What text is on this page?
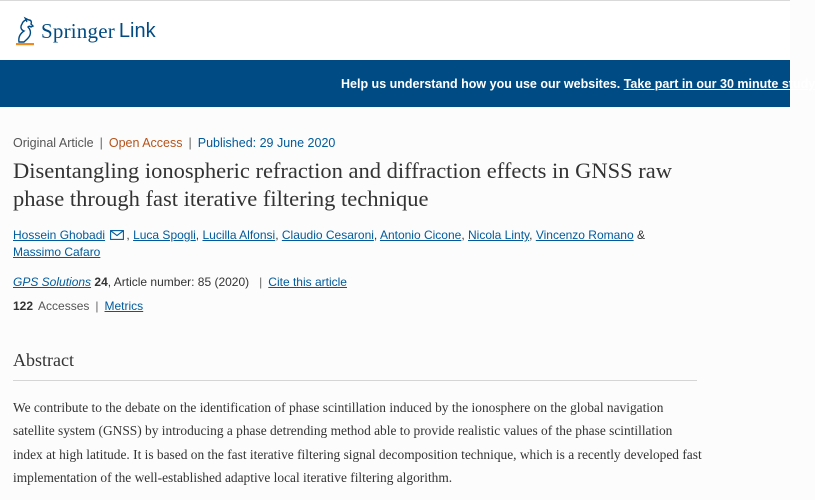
Springer Link
Help us understand how you use our websites. Take part in our 30 minute study
Original Article | Open Access | Published: 29 June 2020
Disentangling ionospheric refraction and diffraction effects in GNSS raw phase through fast iterative filtering technique
Hossein Ghobadi , Luca Spogli, Lucilla Alfonsi, Claudio Cesaroni, Antonio Cicone, Nicola Linty, Vincenzo Romano &
Massimo Cafaro
GPS Solutions 24, Article number: 85 (2020) | Cite this article
122 Accesses | Metrics
Abstract

We contribute to the debate on the identification of phase scintillation induced by the ionosphere on the global navigation satellite system (GNSS) by introducing a phase detrending method able to provide realistic values of the phase scintillation index at high latitude. It is based on the fast iterative filtering signal decomposition technique, which is a recently developed fast implementation of the well-established adaptive local iterative filtering algorithm.
